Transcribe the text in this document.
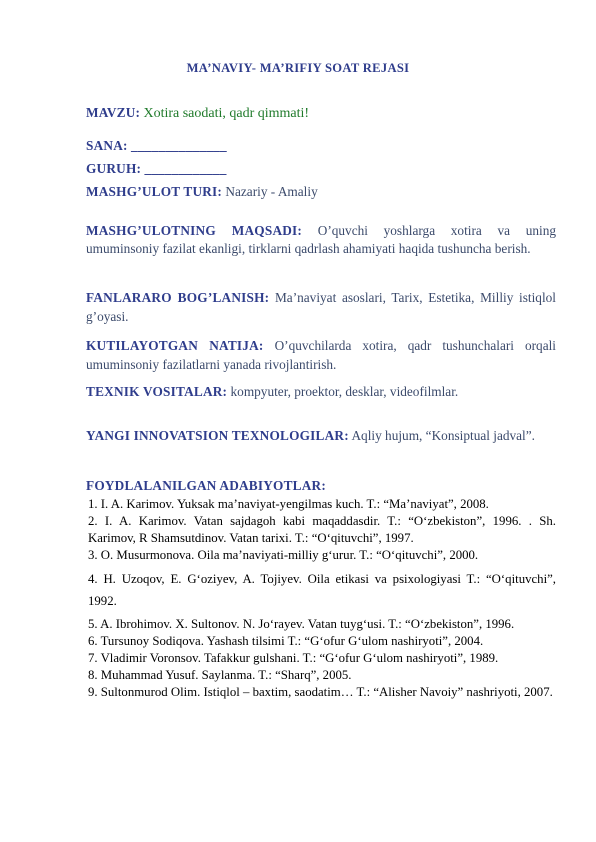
MA’NAVIY- MA’RIFIY SOAT REJASI
MAVZU: Xotira saodati, qadr qimmati!
SANA: ______________
GURUH: ____________
MASHG’ULOT TURI: Nazariy - Amaliy
MASHG’ULOTNING MAQSADI: O’quvchi yoshlarga xotira va uning umuminsoniy fazilat ekanligi, tirklarni qadrlash ahamiyati haqida tushuncha berish.
FANLARARO BOG’LANISH: Ma’naviyat asoslari, Tarix, Estetika, Milliy istiqlol g’oyasi.
KUTILAYOTGAN NATIJA: O’quvchilarda xotira, qadr tushunchalari orqali umuminsoniy fazilatlarni yanada rivojlantirish.
TEXNIK VOSITALAR: kompyuter, proektor, desklar, videofilmlar.
YANGI INNOVATSION TEXNOLOGILAR: Aqliy hujum, “Konsiptual jadval”.
FOYDLALANILGAN ADABIYOTLAR:

1. I. A. Karimov. Yuksak ma’naviyat-yengilmas kuch. T.: “Ma’naviyat”, 2008.

2. I. A. Karimov. Vatan sajdagoh kabi maqaddasdir. T.: “O‘zbekiston”, 1996. . Sh. Karimov, R Shamsutdinov. Vatan tarixi. T.: “O‘qituvchi”, 1997.

3. O. Musurmonova. Oila ma’naviyati-milliy g‘urur. T.: “O‘qituvchi”, 2000.

4. H. Uzoqov, E. G‘oziyev, A. Tojiyev. Oila etikasi va psixologiyasi T.: “O‘qituvchi”, 1992.

5. A. Ibrohimov. X. Sultonov. N. Jo‘rayev. Vatan tuyg‘usi. T.: “O‘zbekiston”, 1996.

6. Tursunoy Sodiqova. Yashash tilsimi T.: “G‘ofur G‘ulom nashiryoti”, 2004.

7. Vladimir Voronsov. Tafakkur gulshani. T.: “G‘ofur G‘ulom nashiryoti”, 1989.

8. Muhammad Yusuf. Saylanma. T.: “Sharq”, 2005.

9. Sultonmurod Olim. Istiqlol – baxtim, saodatim… T.: “Alisher Navoiy” nashriyoti, 2007.
